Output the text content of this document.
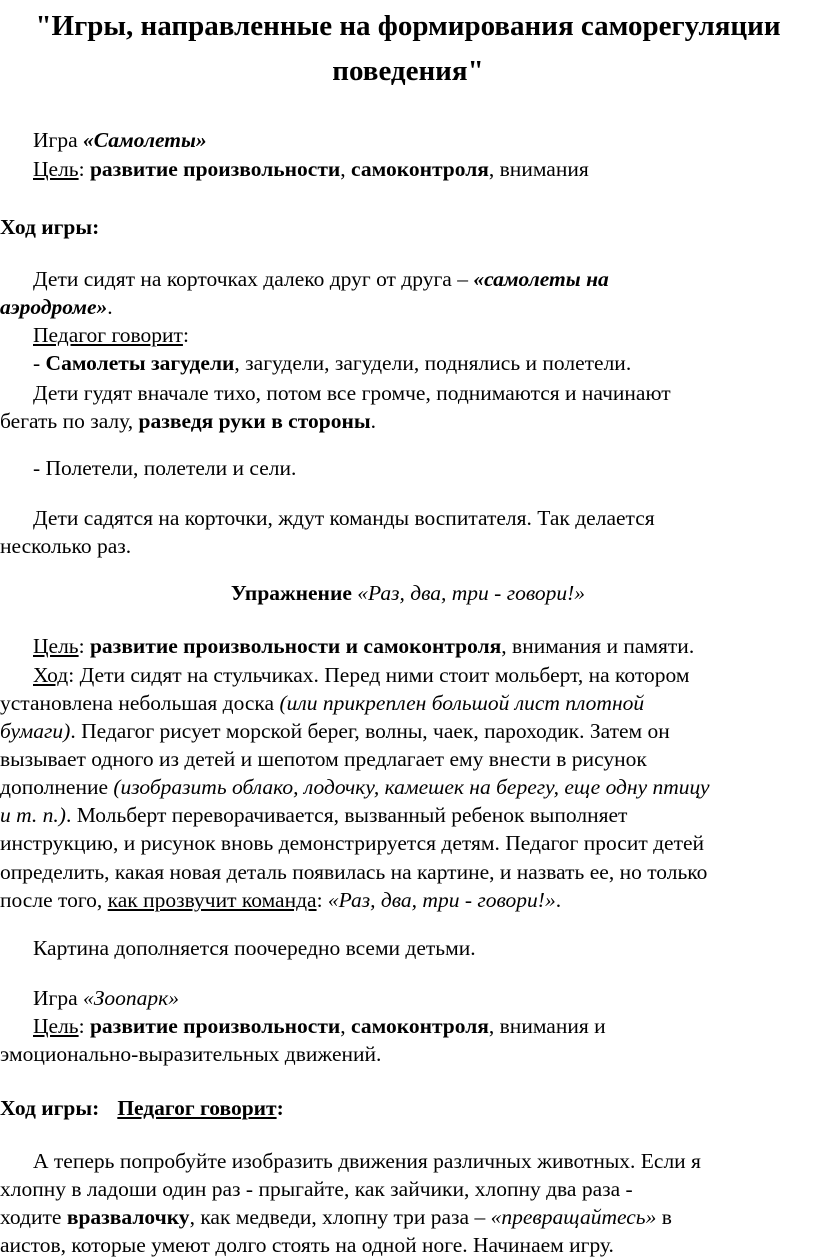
"Игры, направленные на формирования саморегуляции
поведения"

Игра «Самолеты»

Цель: развитие произвольности, самоконтроля, внимания

Ход игры:

Дети сидят на корточках далеко друг от друга – «самолеты на

аэродроме».

Педагог говорит:

- Самолеты загудели, загудели, загудели, поднялись и полетели.

Дети гудят вначале тихо, потом все громче, поднимаются и начинают

бегать по залу, разведя руки в стороны.

- Полетели, полетели и сели.

Дети садятся на корточки, ждут команды воспитателя. Так делается

несколько раз.

Упражнение «Раз, два, три - говори!»

Цель: развитие произвольности и самоконтроля, внимания и памяти.

Ход: Дети сидят на стульчиках. Перед ними стоит мольберт, на котором

установлена небольшая доска (или прикреплен большой лист плотной

бумаги). Педагог рисует морской берег, волны, чаек, пароходик. Затем он

вызывает одного из детей и шепотом предлагает ему внести в рисунок

дополнение (изобразить облако, лодочку, камешек на берегу, еще одну птицу

и т. п.). Мольберт переворачивается, вызванный ребенок выполняет

инструкцию, и рисунок вновь демонстрируется детям. Педагог просит детей

определить, какая новая деталь появилась на картине, и назвать ее, но только

после того, как прозвучит команда: «Раз, два, три - говори!».

Картина дополняется поочередно всеми детьми.

Игра «Зоопарк»

Цель: развитие произвольности, самоконтроля, внимания и

эмоционально-выразительных движений.

Ход игры: Педагог говорит:

А теперь попробуйте изобразить движения различных животных. Если я

хлопну в ладоши один раз - прыгайте, как зайчики, хлопну два раза -

ходите вразвалочку, как медведи, хлопну три раза – «превращайтесь» в

аистов, которые умеют долго стоять на одной ноге. Начинаем игру.
